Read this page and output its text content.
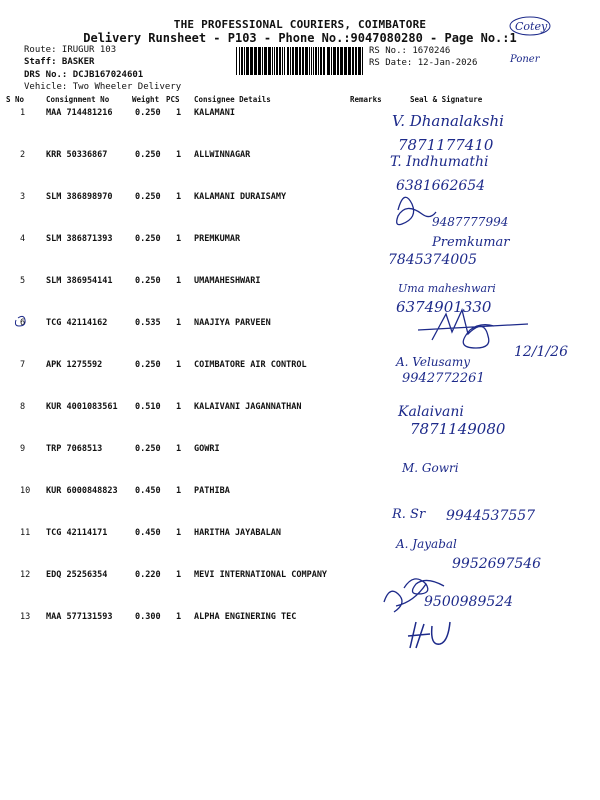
THE PROFESSIONAL COURIERS, COIMBATORE
Delivery Runsheet - P103 - Phone No.:9047080280 - Page No.:1
Route: IRUGUR 103
Staff: BASKER
DRS No.: DCJB167024601
Vehicle: Two Wheeler Delivery
RS No.: 1670246
RS Date: 12-Jan-2026
S No	Consignment No	Weight PCS Consignee Details	Remarks	Seal & Signature
1 MAA 714481216	0.250 1 KALAMANI
2 KRR 50336867	0.250 1 ALLWINNAGAR
3 SLM 386898970	0.250 1 KALAMANI DURAISAMY
4 SLM 386871393	0.250 1 PREMKUMAR
5 SLM 386954141	0.250 1 UMAMAHESHWARI
6 TCG 42114162	0.535 1 NAAJIYA PARVEEN
7 APK 1275592	0.250 1 COIMBATORE AIR CONTROL
8 KUR 4001083561 0.510 1 KALAIVANI JAGANNATHAN
9 TRP 7068513	0.250 1 GOWRI
10 KUR 6000848823 0.450 1 PATHIBA
11 TCG 42114171	0.450 1 HARITHA JAYABALAN
12 EDQ 25256354	0.220 1 MEVI INTERNATIONAL COMPANY
13 MAA 577131593	0.300 1 ALPHA ENGINERING TEC
Cotey
Poner
V. Dhanalakshi
7871177410
T. Indhumathi
6381662654
9487777994
Premkumar
7845374005
Uma maheshwari
6374901330
12/1/26
A. Velusamy
9942772261
Kalaivani
7871149080
M. Gowri
R. Sr 9944537557
A. Jayabal
9952697546
9500989524
